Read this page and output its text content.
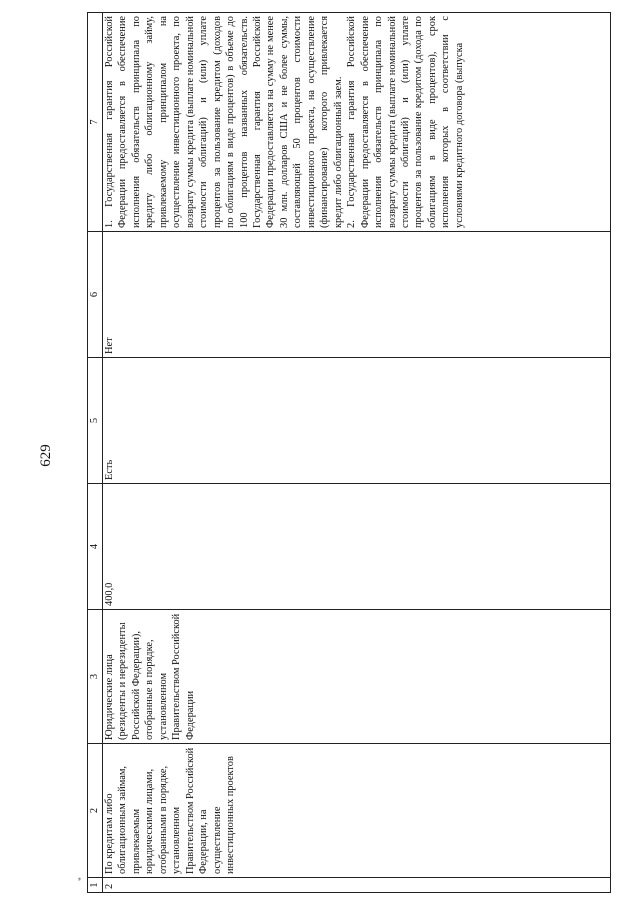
629
"
1	2	3	4	5	6	7
2	По кредитам либо облигационным займам, привлекаемым юридическими лицами, отобранными в порядке, установленном Правительством Российской Федерации, на осуществление инвестиционных проектов	Юридические лица (резиденты и нерезиденты Российской Федерации), отобранные в порядке, установленном Правительством Российской Федерации	400,0	Есть	Нет	1. Государственная гарантия Российской Федерации предоставляется в обеспечение исполнения обязательств принципала по кредиту либо облигационному займу, привлекаемому принципалом на осуществление инвестиционного проекта, по возврату суммы кредита (выплате номинальной стоимости облигаций) и (или) уплате процентов за пользование кредитом (доходов по облигациям в виде процентов) в объеме до 100 процентов названных обязательств. Государственная гарантия Российской Федерации предоставляется на сумму не менее 30 млн. долларов США и не более суммы, составляющей 50 процентов стоимости инвестиционного проекта, на осуществление (финансирование) которого привлекается кредит либо облигационный заем. 2. Государственная гарантия Российской Федерации предоставляется в обеспечение исполнения обязательств принципала по возврату суммы кредита (выплате номинальной стоимости облигаций) и (или) уплате процентов за пользование кредитом (дохода по облигациям в виде процентов), срок исполнения которых в соответствии с условиями кредитного договора (выпуска
